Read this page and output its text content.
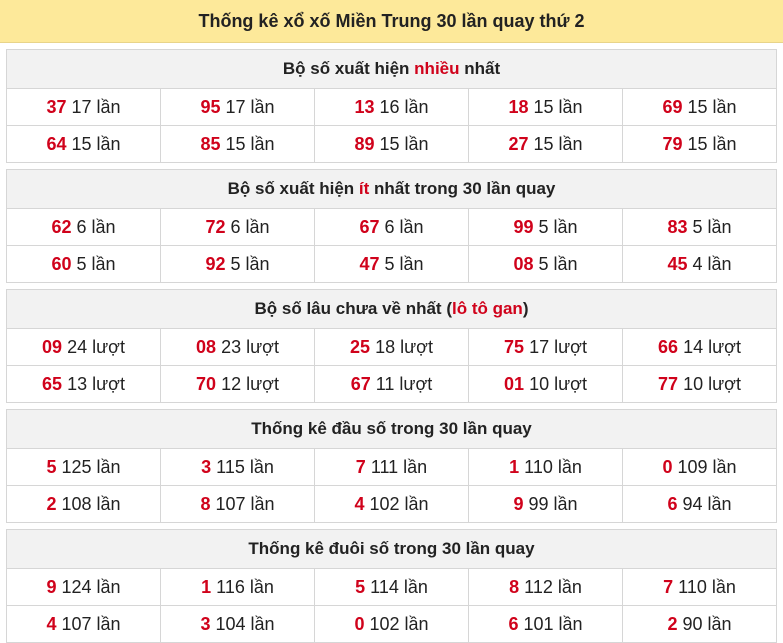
Thống kê xổ xố Miền Trung 30 lần quay thứ 2
Bộ số xuất hiện nhiều nhất
37 17 lần	95 17 lần	13 16 lần	18 15 lần	69 15 lần
64 15 lần	85 15 lần	89 15 lần	27 15 lần	79 15 lần
Bộ số xuất hiện ít nhất trong 30 lần quay
62 6 lần	72 6 lần	67 6 lần	99 5 lần	83 5 lần
60 5 lần	92 5 lần	47 5 lần	08 5 lần	45 4 lần
Bộ số lâu chưa về nhất (lô tô gan)
09 24 lượt	08 23 lượt	25 18 lượt	75 17 lượt	66 14 lượt
65 13 lượt	70 12 lượt	67 11 lượt	01 10 lượt	77 10 lượt
Thống kê đầu số trong 30 lần quay
5 125 lần	3 115 lần	7 111 lần	1 110 lần	0 109 lần
2 108 lần	8 107 lần	4 102 lần	9 99 lần	6 94 lần
Thống kê đuôi số trong 30 lần quay
9 124 lần	1 116 lần	5 114 lần	8 112 lần	7 110 lần
4 107 lần	3 104 lần	0 102 lần	6 101 lần	2 90 lần
